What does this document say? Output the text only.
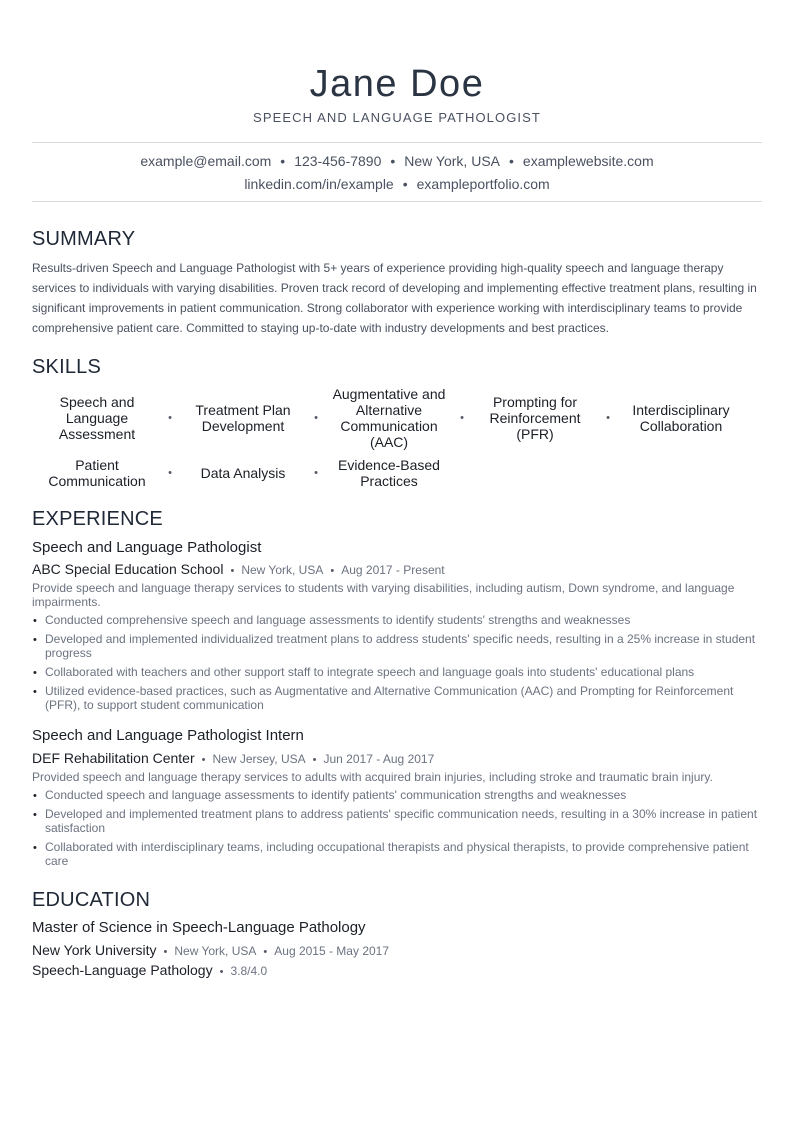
Jane Doe
SPEECH AND LANGUAGE PATHOLOGIST
example@email.com • 123-456-7890 • New York, USA • examplewebsite.com
linkedin.com/in/example • exampleportfolio.com
SUMMARY

Results-driven Speech and Language Pathologist with 5+ years of experience providing high-quality speech and language therapy services to individuals with varying disabilities. Proven track record of developing and implementing effective treatment plans, resulting in significant improvements in patient communication. Strong collaborator with experience working with interdisciplinary teams to provide comprehensive patient care. Committed to staying up-to-date with industry developments and best practices.

SKILLS
Speech and Language Assessment
•	Treatment Plan Development	•
Augmentative and Alternative Communication (AAC)
•
Prompting for Reinforcement (PFR)
•	Interdisciplinary Collaboration
Patient Communication	•	Data Analysis	•	Evidence-Based Practices
EXPERIENCE
Speech and Language Pathologist
ABC Special Education School • New York, USA • Aug 2017 - Present

Provide speech and language therapy services to students with varying disabilities, including autism, Down syndrome, and language impairments.

• Conducted comprehensive speech and language assessments to identify students' strengths and weaknesses
• Developed and implemented individualized treatment plans to address students' specific needs, resulting in a 25% increase in student progress
• Collaborated with teachers and other support staff to integrate speech and language goals into students' educational plans
• Utilized evidence-based practices, such as Augmentative and Alternative Communication (AAC) and Prompting for Reinforcement (PFR), to support student communication
Speech and Language Pathologist Intern
DEF Rehabilitation Center • New Jersey, USA • Jun 2017 - Aug 2017

Provided speech and language therapy services to adults with acquired brain injuries, including stroke and traumatic brain injury.

• Conducted speech and language assessments to identify patients' communication strengths and weaknesses
• Developed and implemented treatment plans to address patients' specific communication needs, resulting in a 30% increase in patient satisfaction
• Collaborated with interdisciplinary teams, including occupational therapists and physical therapists, to provide comprehensive patient care
EDUCATION
Master of Science in Speech-Language Pathology
New York University • New York, USA • Aug 2015 - May 2017
Speech-Language Pathology • 3.8/4.0
